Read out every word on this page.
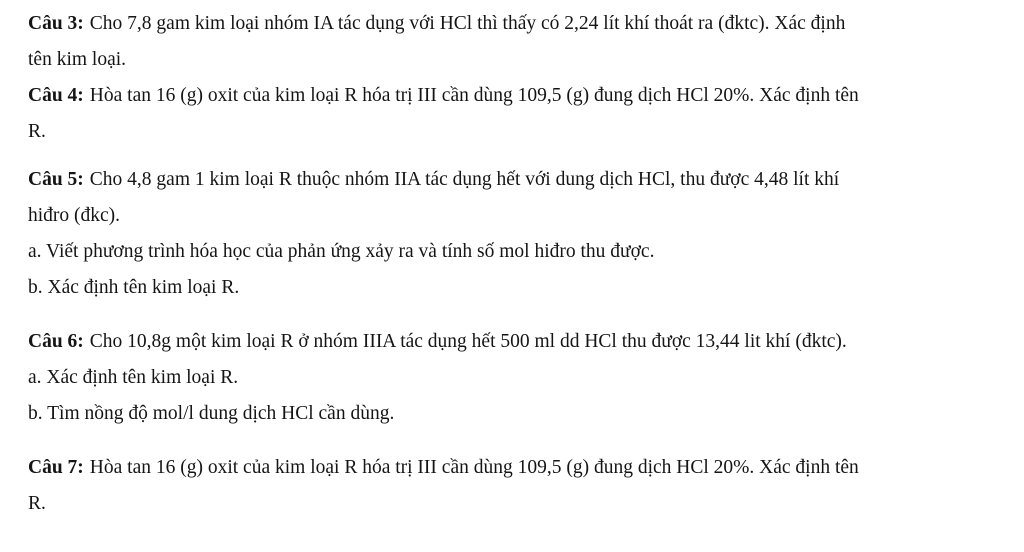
Câu 3: Cho 7,8 gam kim loại nhóm IA tác dụng với HCl thì thấy có 2,24 lít khí thoát ra (đktc). Xác định

tên kim loại.

Câu 4: Hòa tan 16 (g) oxit của kim loại R hóa trị III cần dùng 109,5 (g) đung dịch HCl 20%. Xác định tên

R.

Câu 5: Cho 4,8 gam 1 kim loại R thuộc nhóm IIA tác dụng hết với dung dịch HCl, thu được 4,48 lít khí

hiđro (đkc).

a. Viết phương trình hóa học của phản ứng xảy ra và tính số mol hiđro thu được.

b. Xác định tên kim loại R.

Câu 6: Cho 10,8g một kim loại R ở nhóm IIIA tác dụng hết 500 ml dd HCl thu được 13,44 lit khí (đktc).

a. Xác định tên kim loại R.

b. Tìm nồng độ mol/l dung dịch HCl cần dùng.

Câu 7: Hòa tan 16 (g) oxit của kim loại R hóa trị III cần dùng 109,5 (g) đung dịch HCl 20%. Xác định tên

R.
